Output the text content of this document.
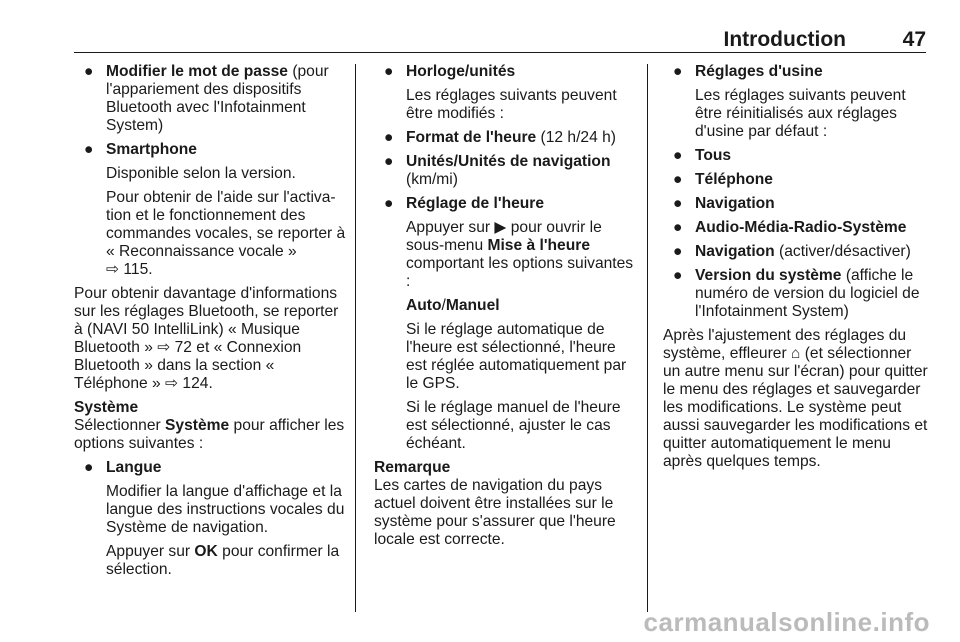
Introduction	47
● Modifier le mot de passe (pour l'appariement des dispositifs Bluetooth avec l'Infotainment System)
● Smartphone
Disponible selon la version.
Pour obtenir de l'aide sur l'activation et le fonctionnement des commandes vocales, se reporter à « Reconnaissance vocale »
⇨ 115.
Pour obtenir davantage d'informations sur les réglages Bluetooth, se reporter à (NAVI 50 IntelliLink) « Musique Bluetooth » ⇨ 72 et « Connexion Bluetooth » dans la section « Téléphone » ⇨ 124.
Système
Sélectionner Système pour afficher les options suivantes :
● Langue
Modifier la langue d'affichage et la langue des instructions vocales du Système de navigation.
Appuyer sur OK pour confirmer la sélection.
● Horloge/unités
Les réglages suivants peuvent être modifiés :
● Format de l'heure (12 h/24 h)
● Unités/Unités de navigation (km/mi)
● Réglage de l'heure
Appuyer sur ▶ pour ouvrir le sous-menu Mise à l'heure comportant les options suivantes :
Auto/Manuel
Si le réglage automatique de l'heure est sélectionné, l'heure est réglée automatiquement par le GPS.
Si le réglage manuel de l'heure est sélectionné, ajuster le cas échéant.
Remarque
Les cartes de navigation du pays actuel doivent être installées sur le système pour s'assurer que l'heure locale est correcte.
● Réglages d'usine
Les réglages suivants peuvent être réinitialisés aux réglages d'usine par défaut :
● Tous
● Téléphone
● Navigation
● Audio-Média-Radio-Système
● Navigation (activer/désactiver)
● Version du système (affiche le numéro de version du logiciel de l'Infotainment System)
Après l'ajustement des réglages du système, effleurer ⌂ (et sélectionner un autre menu sur l'écran) pour quitter le menu des réglages et sauvegarder les modifications. Le système peut aussi sauvegarder les modifications et quitter automatiquement le menu après quelques temps.
carmanualsonline.info
